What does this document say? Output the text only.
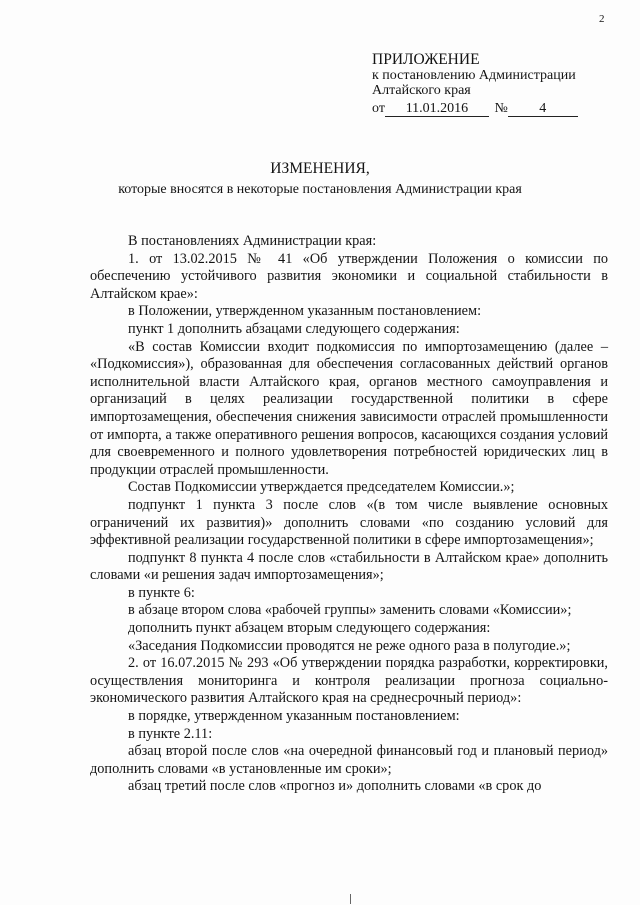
2
ПРИЛОЖЕНИЕ
к постановлению Администрации
Алтайского края
от 11.01.2016 № 4
ИЗМЕНЕНИЯ,
которые вносятся в некоторые постановления Администрации края

В постановлениях Администрации края:

1. от 13.02.2015 № 41 «Об утверждении Положения о комиссии по обеспечению устойчивого развития экономики и социальной стабильности в Алтайском крае»:

в Положении, утвержденном указанным постановлением:

пункт 1 дополнить абзацами следующего содержания:

«В состав Комиссии входит подкомиссия по импортозамещению (далее – «Подкомиссия»), образованная для обеспечения согласованных действий органов исполнительной власти Алтайского края, органов местного самоуправления и организаций в целях реализации государственной политики в сфере импортозамещения, обеспечения снижения зависимости отраслей промышленности от импорта, а также оперативного решения вопросов, касающихся создания условий для своевременного и полного удовлетворения потребностей юридических лиц в продукции отраслей промышленности.

Состав Подкомиссии утверждается председателем Комиссии.»;

подпункт 1 пункта 3 после слов «(в том числе выявление основных ограничений их развития)» дополнить словами «по созданию условий для эффективной реализации государственной политики в сфере импортозамещения»;

подпункт 8 пункта 4 после слов «стабильности в Алтайском крае» дополнить словами «и решения задач импортозамещения»;

в пункте 6:

в абзаце втором слова «рабочей группы» заменить словами «Комиссии»;

дополнить пункт абзацем вторым следующего содержания:

«Заседания Подкомиссии проводятся не реже одного раза в полугодие.»;

2. от 16.07.2015 № 293 «Об утверждении порядка разработки, корректировки, осуществления мониторинга и контроля реализации прогноза социально-экономического развития Алтайского края на среднесрочный период»:

в порядке, утвержденном указанным постановлением:

в пункте 2.11:

абзац второй после слов «на очередной финансовый год и плановый период» дополнить словами «в установленные им сроки»;

абзац третий после слов «прогноз и» дополнить словами «в срок до
